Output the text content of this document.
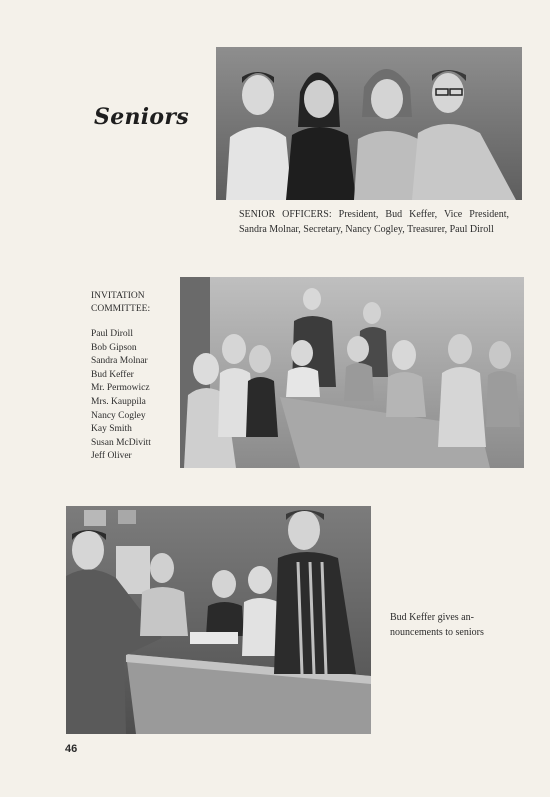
Seniors
SENIOR OFFICERS: President, Bud Keffer, Vice President, Sandra Molnar, Secretary, Nancy Cogley, Treasurer, Paul Diroll
INVITATION
COMMITTEE:
Paul Diroll
Bob Gipson
Sandra Molnar
Bud Keffer
Mr. Permowicz
Mrs. Kauppila
Nancy Cogley
Kay Smith
Susan McDivitt
Jeff Oliver
Bud Keffer gives an-nouncements to seniors
46
